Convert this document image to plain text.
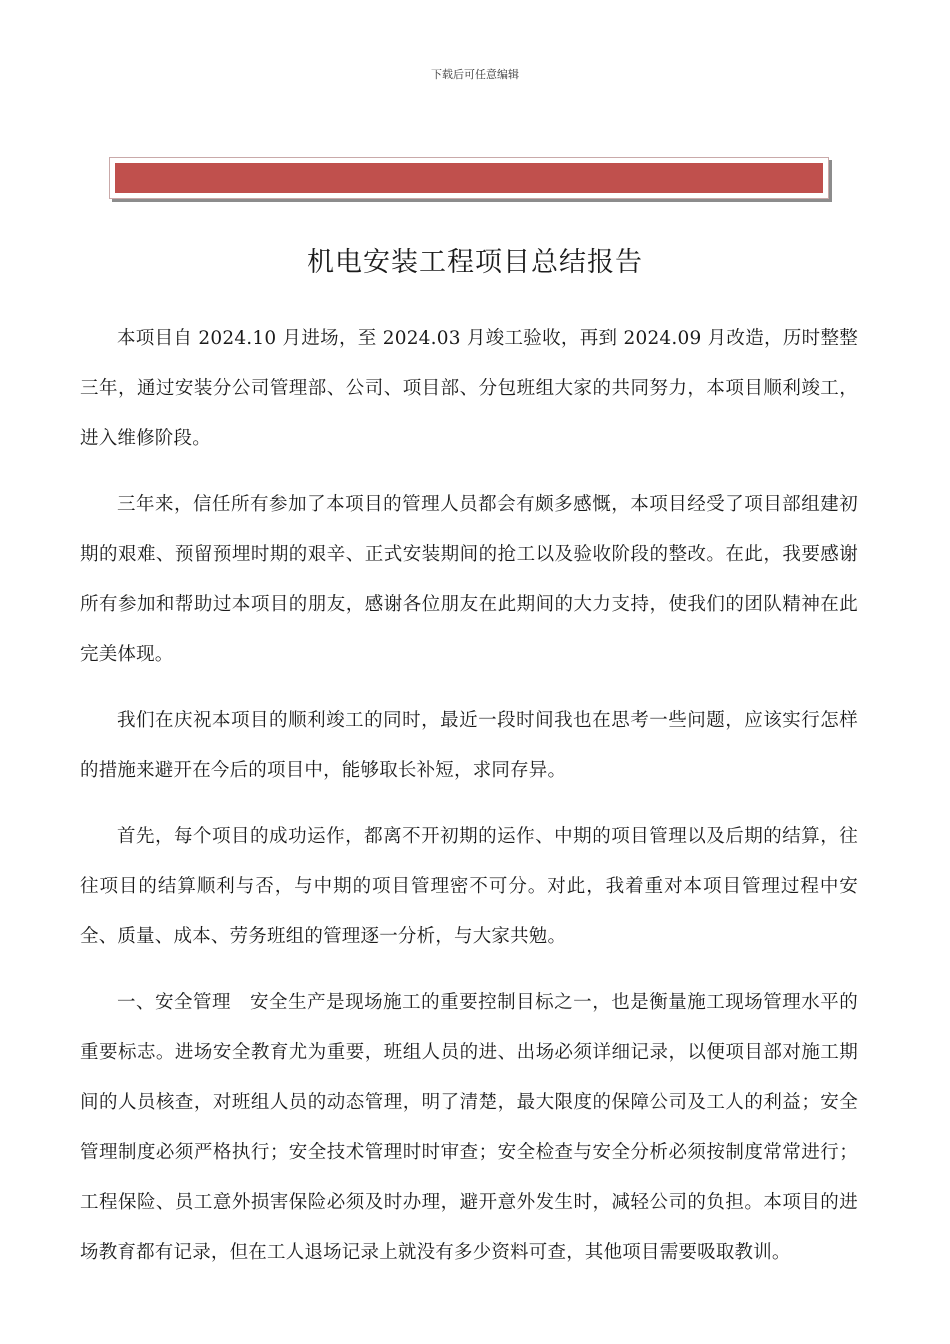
下载后可任意编辑
机电安装工程项目总结报告

本项目自 2024.10 月进场，至 2024.03 月竣工验收，再到 2024.09 月改造，历时整整三年，通过安装分公司管理部、公司、项目部、分包班组大家的共同努力，本项目顺利竣工，进入维修阶段。

三年来，信任所有参加了本项目的管理人员都会有颇多感慨，本项目经受了项目部组建初期的艰难、预留预埋时期的艰辛、正式安装期间的抢工以及验收阶段的整改。在此，我要感谢所有参加和帮助过本项目的朋友，感谢各位朋友在此期间的大力支持，使我们的团队精神在此完美体现。

我们在庆祝本项目的顺利竣工的同时，最近一段时间我也在思考一些问题，应该实行怎样的措施来避开在今后的项目中，能够取长补短，求同存异。

首先，每个项目的成功运作，都离不开初期的运作、中期的项目管理以及后期的结算，往往项目的结算顺利与否，与中期的项目管理密不可分。对此，我着重对本项目管理过程中安全、质量、成本、劳务班组的管理逐一分析，与大家共勉。

一、安全管理　安全生产是现场施工的重要控制目标之一，也是衡量施工现场管理水平的重要标志。进场安全教育尤为重要，班组人员的进、出场必须详细记录，以便项目部对施工期间的人员核查，对班组人员的动态管理，明了清楚，最大限度的保障公司及工人的利益；安全管理制度必须严格执行；安全技术管理时时审查；安全检查与安全分析必须按制度常常进行；工程保险、员工意外损害保险必须及时办理，避开意外发生时，减轻公司的负担。本项目的进场教育都有记录，但在工人退场记录上就没有多少资料可查，其他项目需要吸取教训。
